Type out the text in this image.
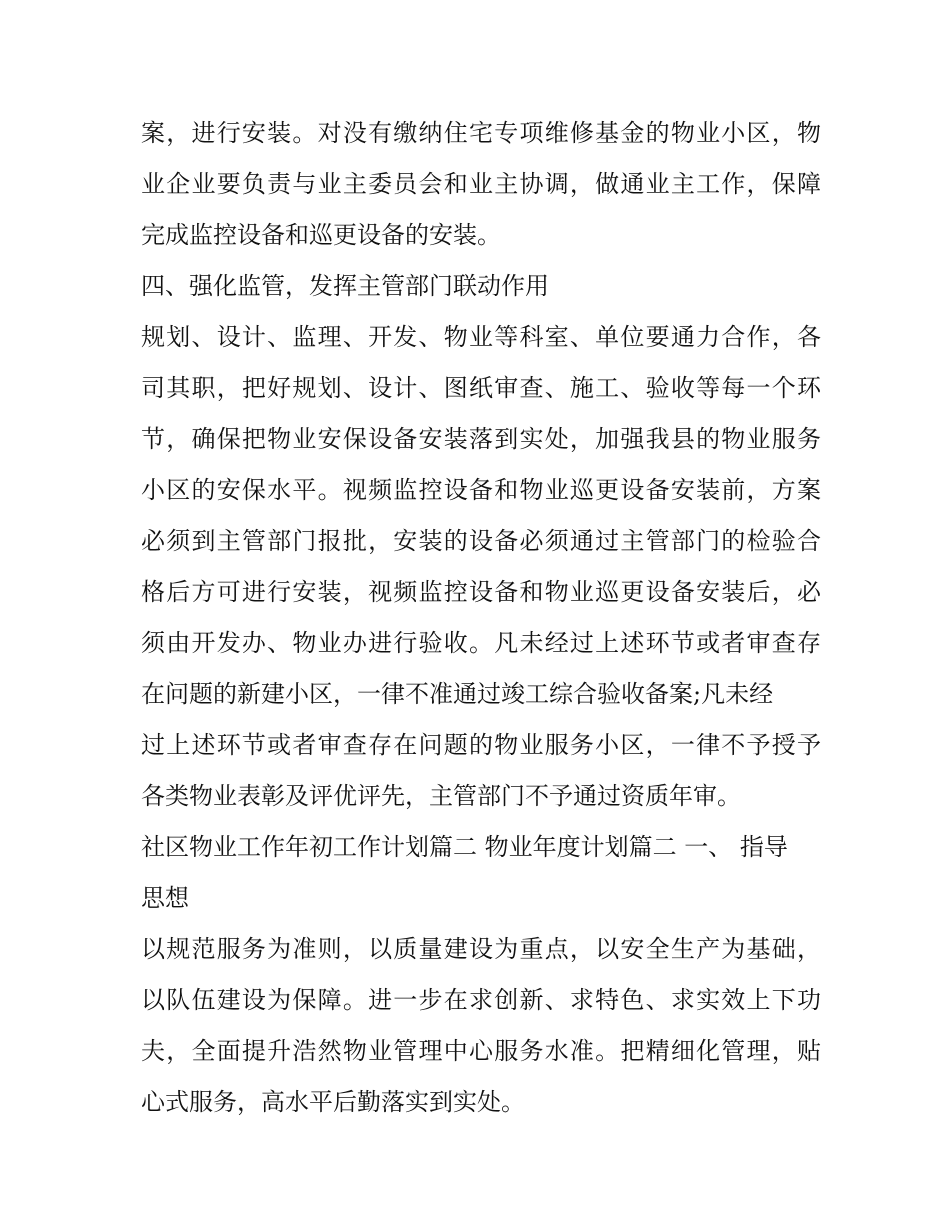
案，进行安装。对没有缴纳住宅专项维修基金的物业小区，物
业企业要负责与业主委员会和业主协调，做通业主工作，保障
完成监控设备和巡更设备的安装。
四、强化监管，发挥主管部门联动作用
规划、设计、监理、开发、物业等科室、单位要通力合作，各
司其职，把好规划、设计、图纸审查、施工、验收等每一个环
节，确保把物业安保设备安装落到实处，加强我县的物业服务
小区的安保水平。视频监控设备和物业巡更设备安装前，方案
必须到主管部门报批，安装的设备必须通过主管部门的检验合
格后方可进行安装，视频监控设备和物业巡更设备安装后，必
须由开发办、物业办进行验收。凡未经过上述环节或者审查存
在问题的新建小区，一律不准通过竣工综合验收备案;凡未经
过上述环节或者审查存在问题的物业服务小区，一律不予授予
各类物业表彰及评优评先，主管部门不予通过资质年审。
社区物业工作年初工作计划篇二 物业年度计划篇二 一、 指导
思想
以规范服务为准则，以质量建设为重点，以安全生产为基础，
以队伍建设为保障。进一步在求创新、求特色、求实效上下功
夫，全面提升浩然物业管理中心服务水准。把精细化管理，贴
心式服务，高水平后勤落实到实处。
